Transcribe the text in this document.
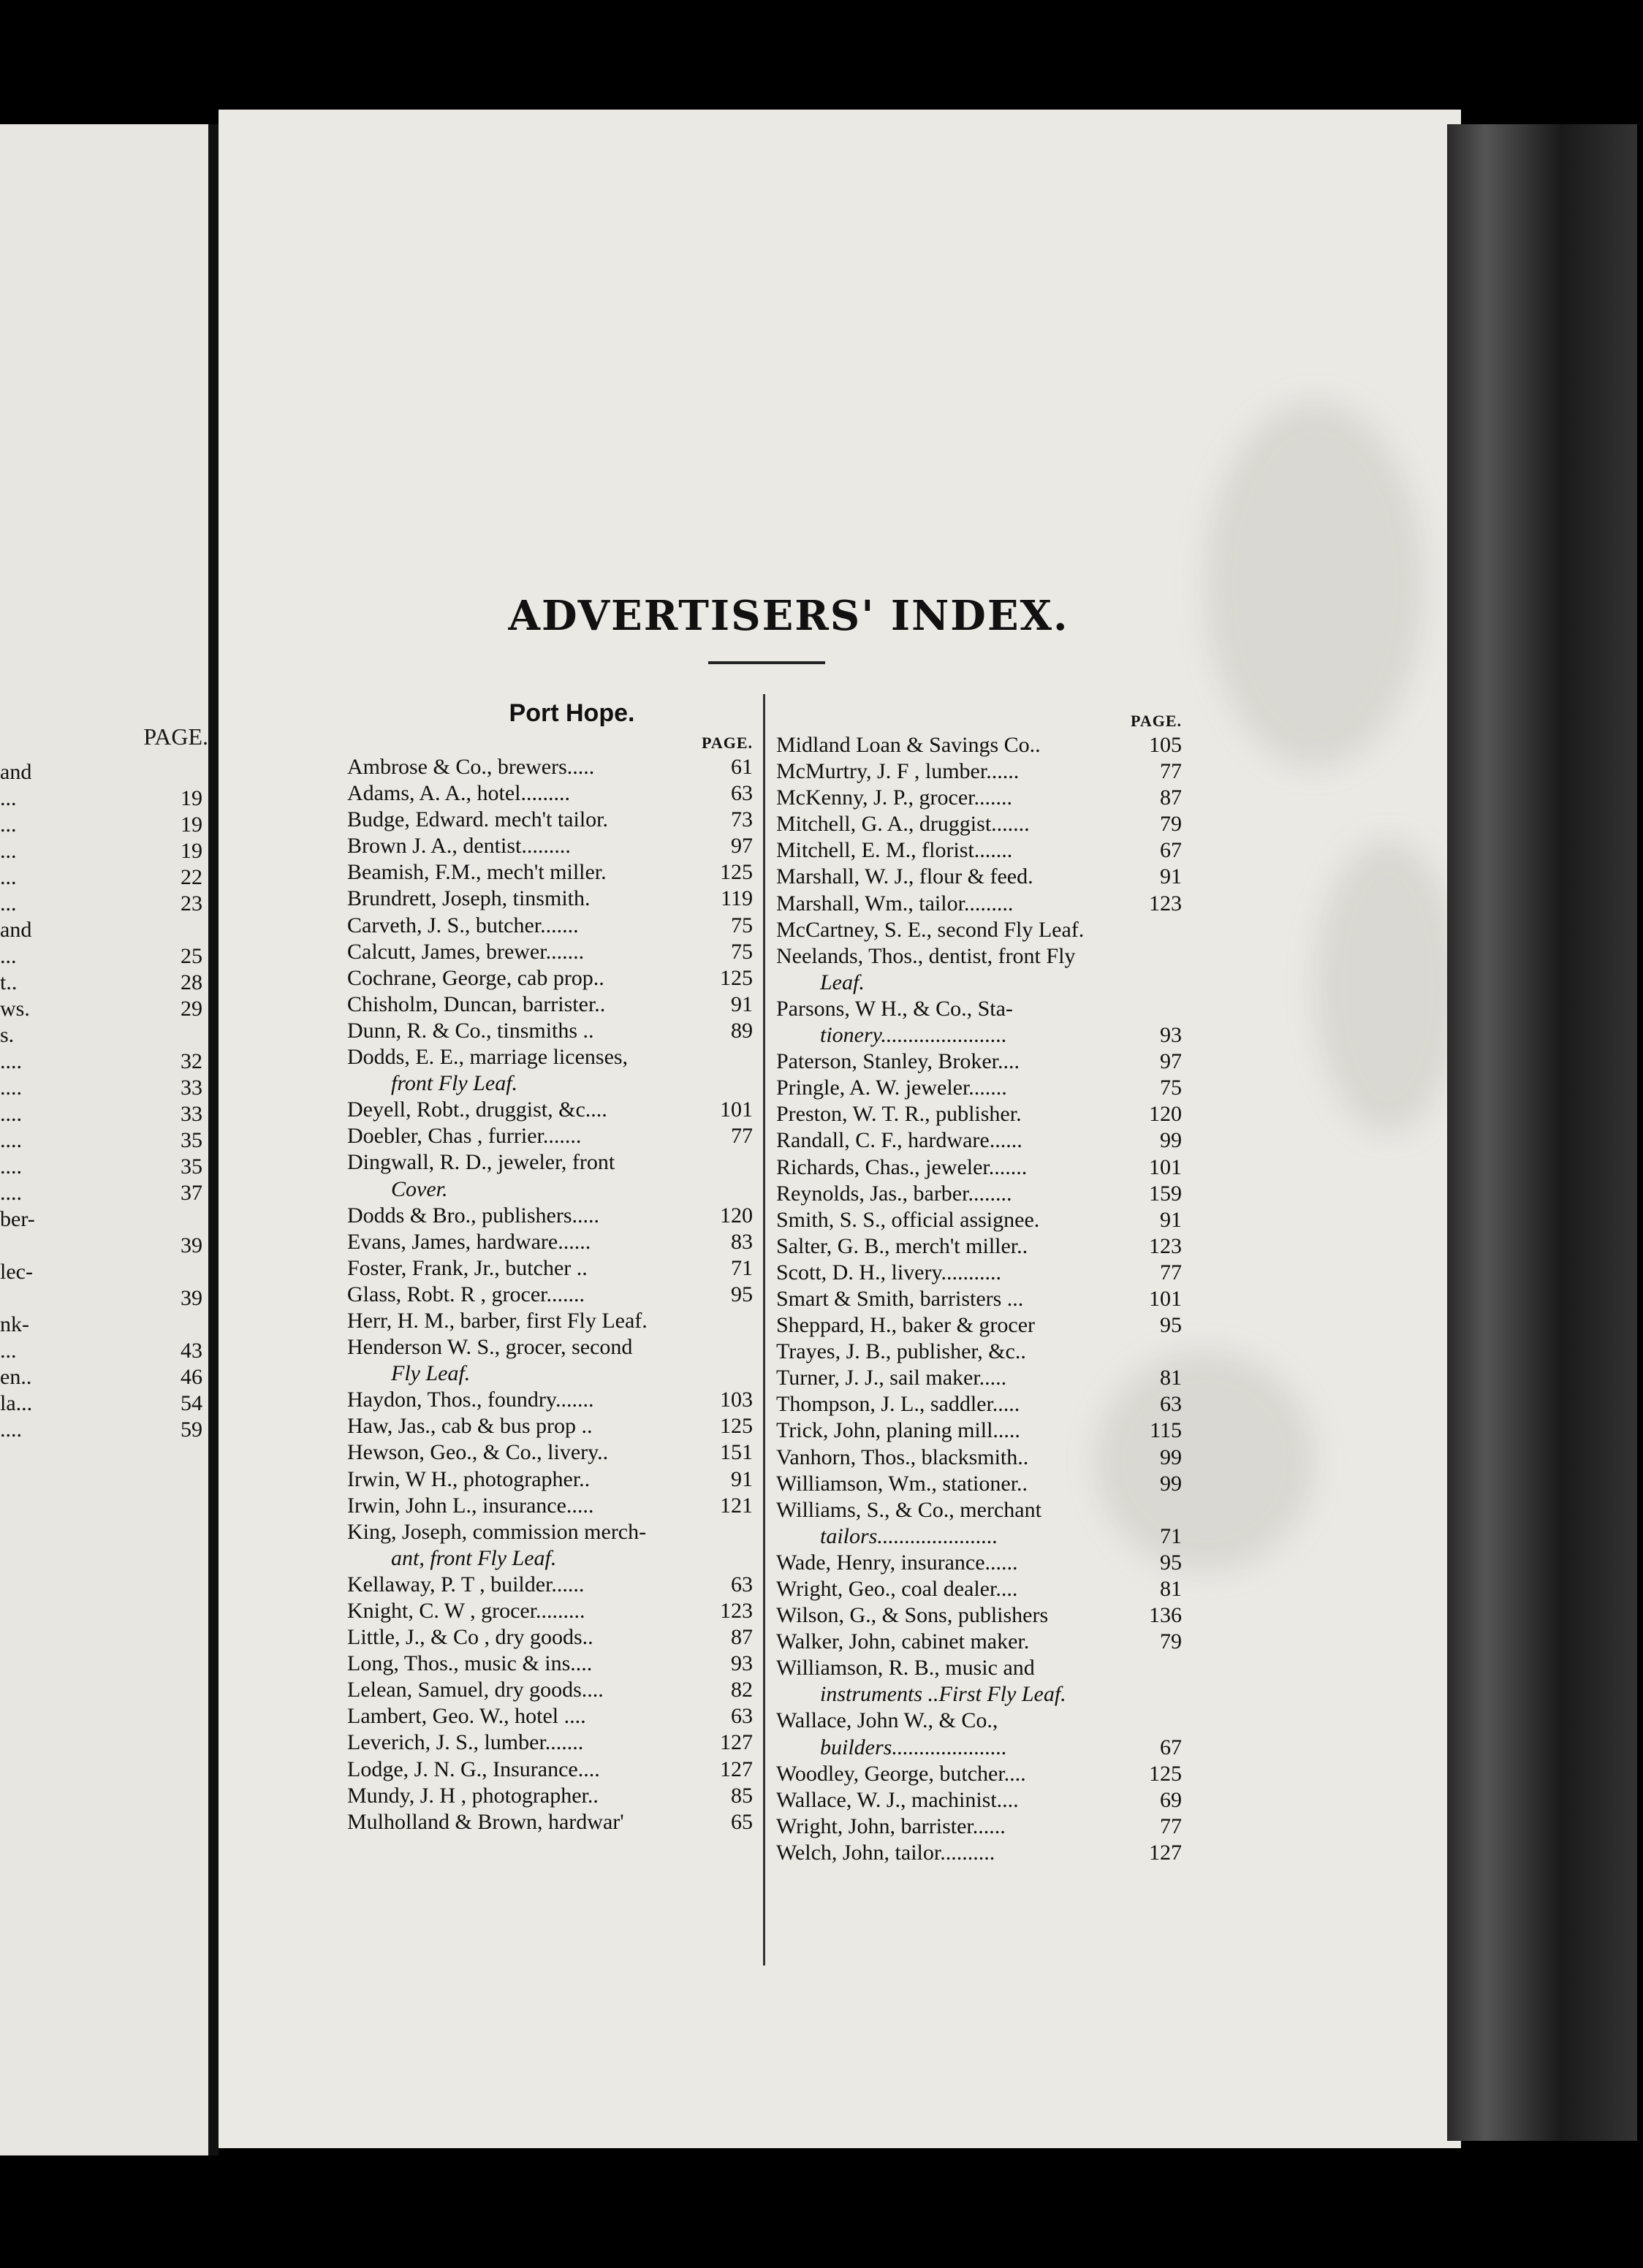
PAGE.
and
...	19
...	19
...	19
...	22
...	23
and
...	25
t..	28
ws.	29
s.
....	32
....	33
....	33
....	35
....	35
....	37
ber-
39
lec-
39
nk-
...	43
en..	46
la...	54
....	59
ADVERTISERS' INDEX.
Port Hope.
PAGE.
Ambrose & Co., brewers.....	61
Adams, A. A., hotel.........	63
Budge, Edward. mech't tailor.	73
Brown J. A., dentist.........	97
Beamish, F.M., mech't miller.	125
Brundrett, Joseph, tinsmith.	119
Carveth, J. S., butcher.......	75
Calcutt, James, brewer.......	75
Cochrane, George, cab prop..	125
Chisholm, Duncan, barrister..	91
Dunn, R. & Co., tinsmiths ..	89
Dodds, E. E., marriage licenses,
front Fly Leaf.
Deyell, Robt., druggist, &c....	101
Doebler, Chas , furrier.......	77
Dingwall, R. D., jeweler, front
Cover.
Dodds & Bro., publishers.....	120
Evans, James, hardware......	83
Foster, Frank, Jr., butcher ..	71
Glass, Robt. R , grocer.......	95
Herr, H. M., barber, first Fly Leaf.
Henderson W. S., grocer, second
Fly Leaf.
Haydon, Thos., foundry.......	103
Haw, Jas., cab & bus prop ..	125
Hewson, Geo., & Co., livery..	151
Irwin, W H., photographer..	91
Irwin, John L., insurance.....	121
King, Joseph, commission merch-
ant, front Fly Leaf.
Kellaway, P. T , builder......	63
Knight, C. W , grocer.........	123
Little, J., & Co , dry goods..	87
Long, Thos., music & ins....	93
Lelean, Samuel, dry goods....	82
Lambert, Geo. W., hotel ....	63
Leverich, J. S., lumber.......	127
Lodge, J. N. G., Insurance....	127
Mundy, J. H , photographer..	85
Mulholland & Brown, hardwar'	65
PAGE.
Midland Loan & Savings Co..	105
McMurtry, J. F , lumber......	77
McKenny, J. P., grocer.......	87
Mitchell, G. A., druggist.......	79
Mitchell, E. M., florist.......	67
Marshall, W. J., flour & feed.	91
Marshall, Wm., tailor.........	123
McCartney, S. E., second Fly Leaf.
Neelands, Thos., dentist, front Fly
Leaf.
Parsons, W H., & Co., Sta-
tionery.......................	93
Paterson, Stanley, Broker....	97
Pringle, A. W. jeweler.......	75
Preston, W. T. R., publisher.	120
Randall, C. F., hardware......	99
Richards, Chas., jeweler.......	101
Reynolds, Jas., barber........	159
Smith, S. S., official assignee.	91
Salter, G. B., merch't miller..	123
Scott, D. H., livery...........	77
Smart & Smith, barristers ...	101
Sheppard, H., baker & grocer	95
Trayes, J. B., publisher, &c..
Turner, J. J., sail maker.....	81
Thompson, J. L., saddler.....	63
Trick, John, planing mill.....	115
Vanhorn, Thos., blacksmith..	99
Williamson, Wm., stationer..	99
Williams, S., & Co., merchant
tailors......................	71
Wade, Henry, insurance......	95
Wright, Geo., coal dealer....	81
Wilson, G., & Sons, publishers	136
Walker, John, cabinet maker.	79
Williamson, R. B., music and
instruments ..First Fly Leaf.
Wallace, John W., & Co.,
builders.....................	67
Woodley, George, butcher....	125
Wallace, W. J., machinist....	69
Wright, John, barrister......	77
Welch, John, tailor..........	127
